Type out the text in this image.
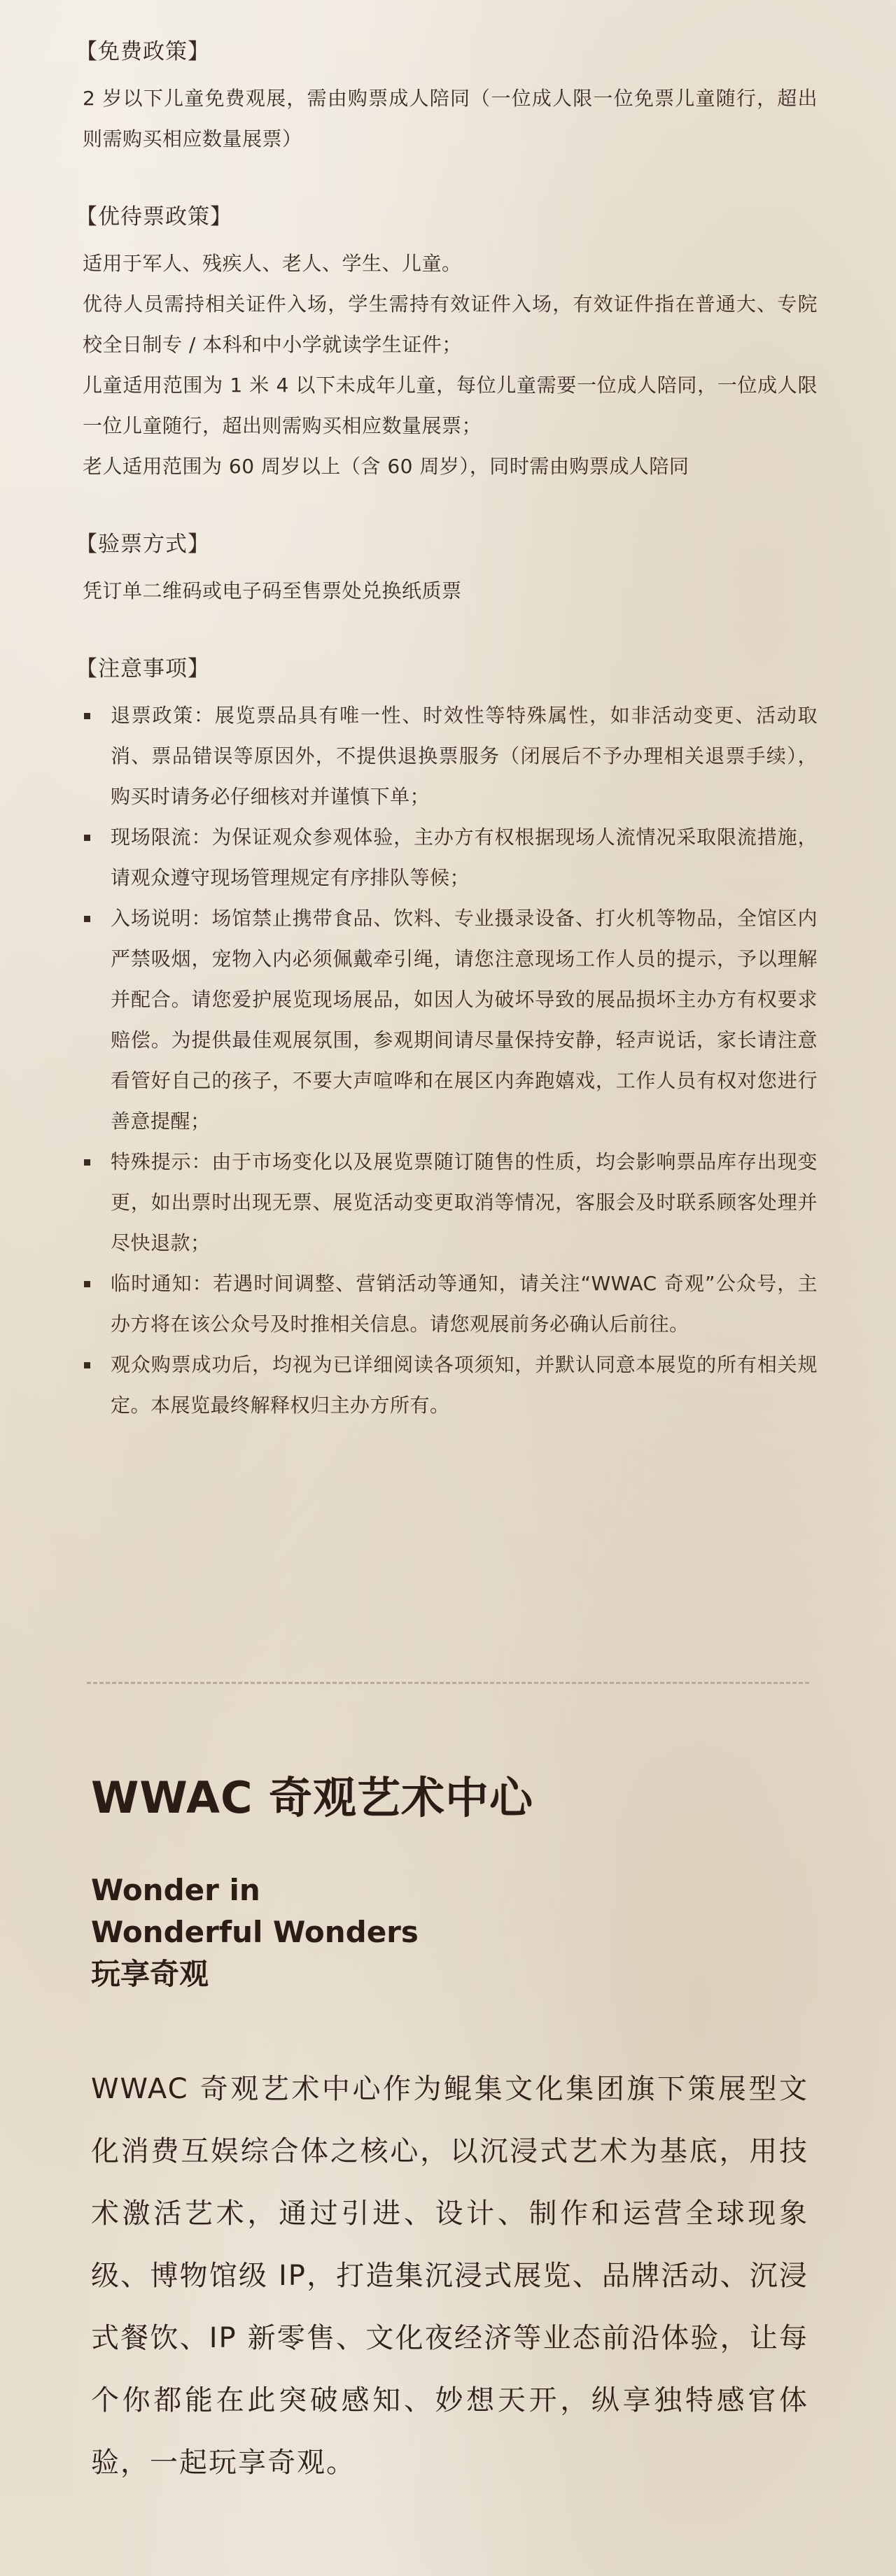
【免费政策】

2 岁以下儿童免费观展，需由购票成人陪同（一位成人限一位免票儿童随行，超出则需购买相应数量展票）

【优待票政策】

适用于军人、残疾人、老人、学生、儿童。

优待人员需持相关证件入场，学生需持有效证件入场，有效证件指在普通大、专院校全日制专 / 本科和中小学就读学生证件；

儿童适用范围为 1 米 4 以下未成年儿童，每位儿童需要一位成人陪同，一位成人限一位儿童随行，超出则需购买相应数量展票；

老人适用范围为 60 周岁以上（含 60 周岁），同时需由购票成人陪同

【验票方式】

凭订单二维码或电子码至售票处兑换纸质票

【注意事项】
退票政策：展览票品具有唯一性、时效性等特殊属性，如非活动变更、活动取消、票品错误等原因外，不提供退换票服务（闭展后不予办理相关退票手续），购买时请务必仔细核对并谨慎下单；
现场限流：为保证观众参观体验，主办方有权根据现场人流情况采取限流措施，请观众遵守现场管理规定有序排队等候；
入场说明：场馆禁止携带食品、饮料、专业摄录设备、打火机等物品，全馆区内严禁吸烟，宠物入内必须佩戴牵引绳，请您注意现场工作人员的提示，予以理解并配合。请您爱护展览现场展品，如因人为破坏导致的展品损坏主办方有权要求赔偿。为提供最佳观展氛围，参观期间请尽量保持安静，轻声说话，家长请注意看管好自己的孩子，不要大声喧哗和在展区内奔跑嬉戏，工作人员有权对您进行善意提醒；
特殊提示：由于市场变化以及展览票随订随售的性质，均会影响票品库存出现变更，如出票时出现无票、展览活动变更取消等情况，客服会及时联系顾客处理并尽快退款；
临时通知：若遇时间调整、营销活动等通知，请关注“WWAC 奇观”公众号，主办方将在该公众号及时推相关信息。请您观展前务必确认后前往。
观众购票成功后，均视为已详细阅读各项须知，并默认同意本展览的所有相关规定。本展览最终解释权归主办方所有。
WWAC 奇观艺术中心
Wonder in
Wonderful Wonders
玩享奇观

WWAC 奇观艺术中心作为鲲集文化集团旗下策展型文化消费互娱综合体之核心，以沉浸式艺术为基底，用技术激活艺术，通过引进、设计、制作和运营全球现象级、博物馆级 IP，打造集沉浸式展览、品牌活动、沉浸式餐饮、IP 新零售、文化夜经济等业态前沿体验，让每个你都能在此突破感知、妙想天开，纵享独特感官体验，一起玩享奇观。
